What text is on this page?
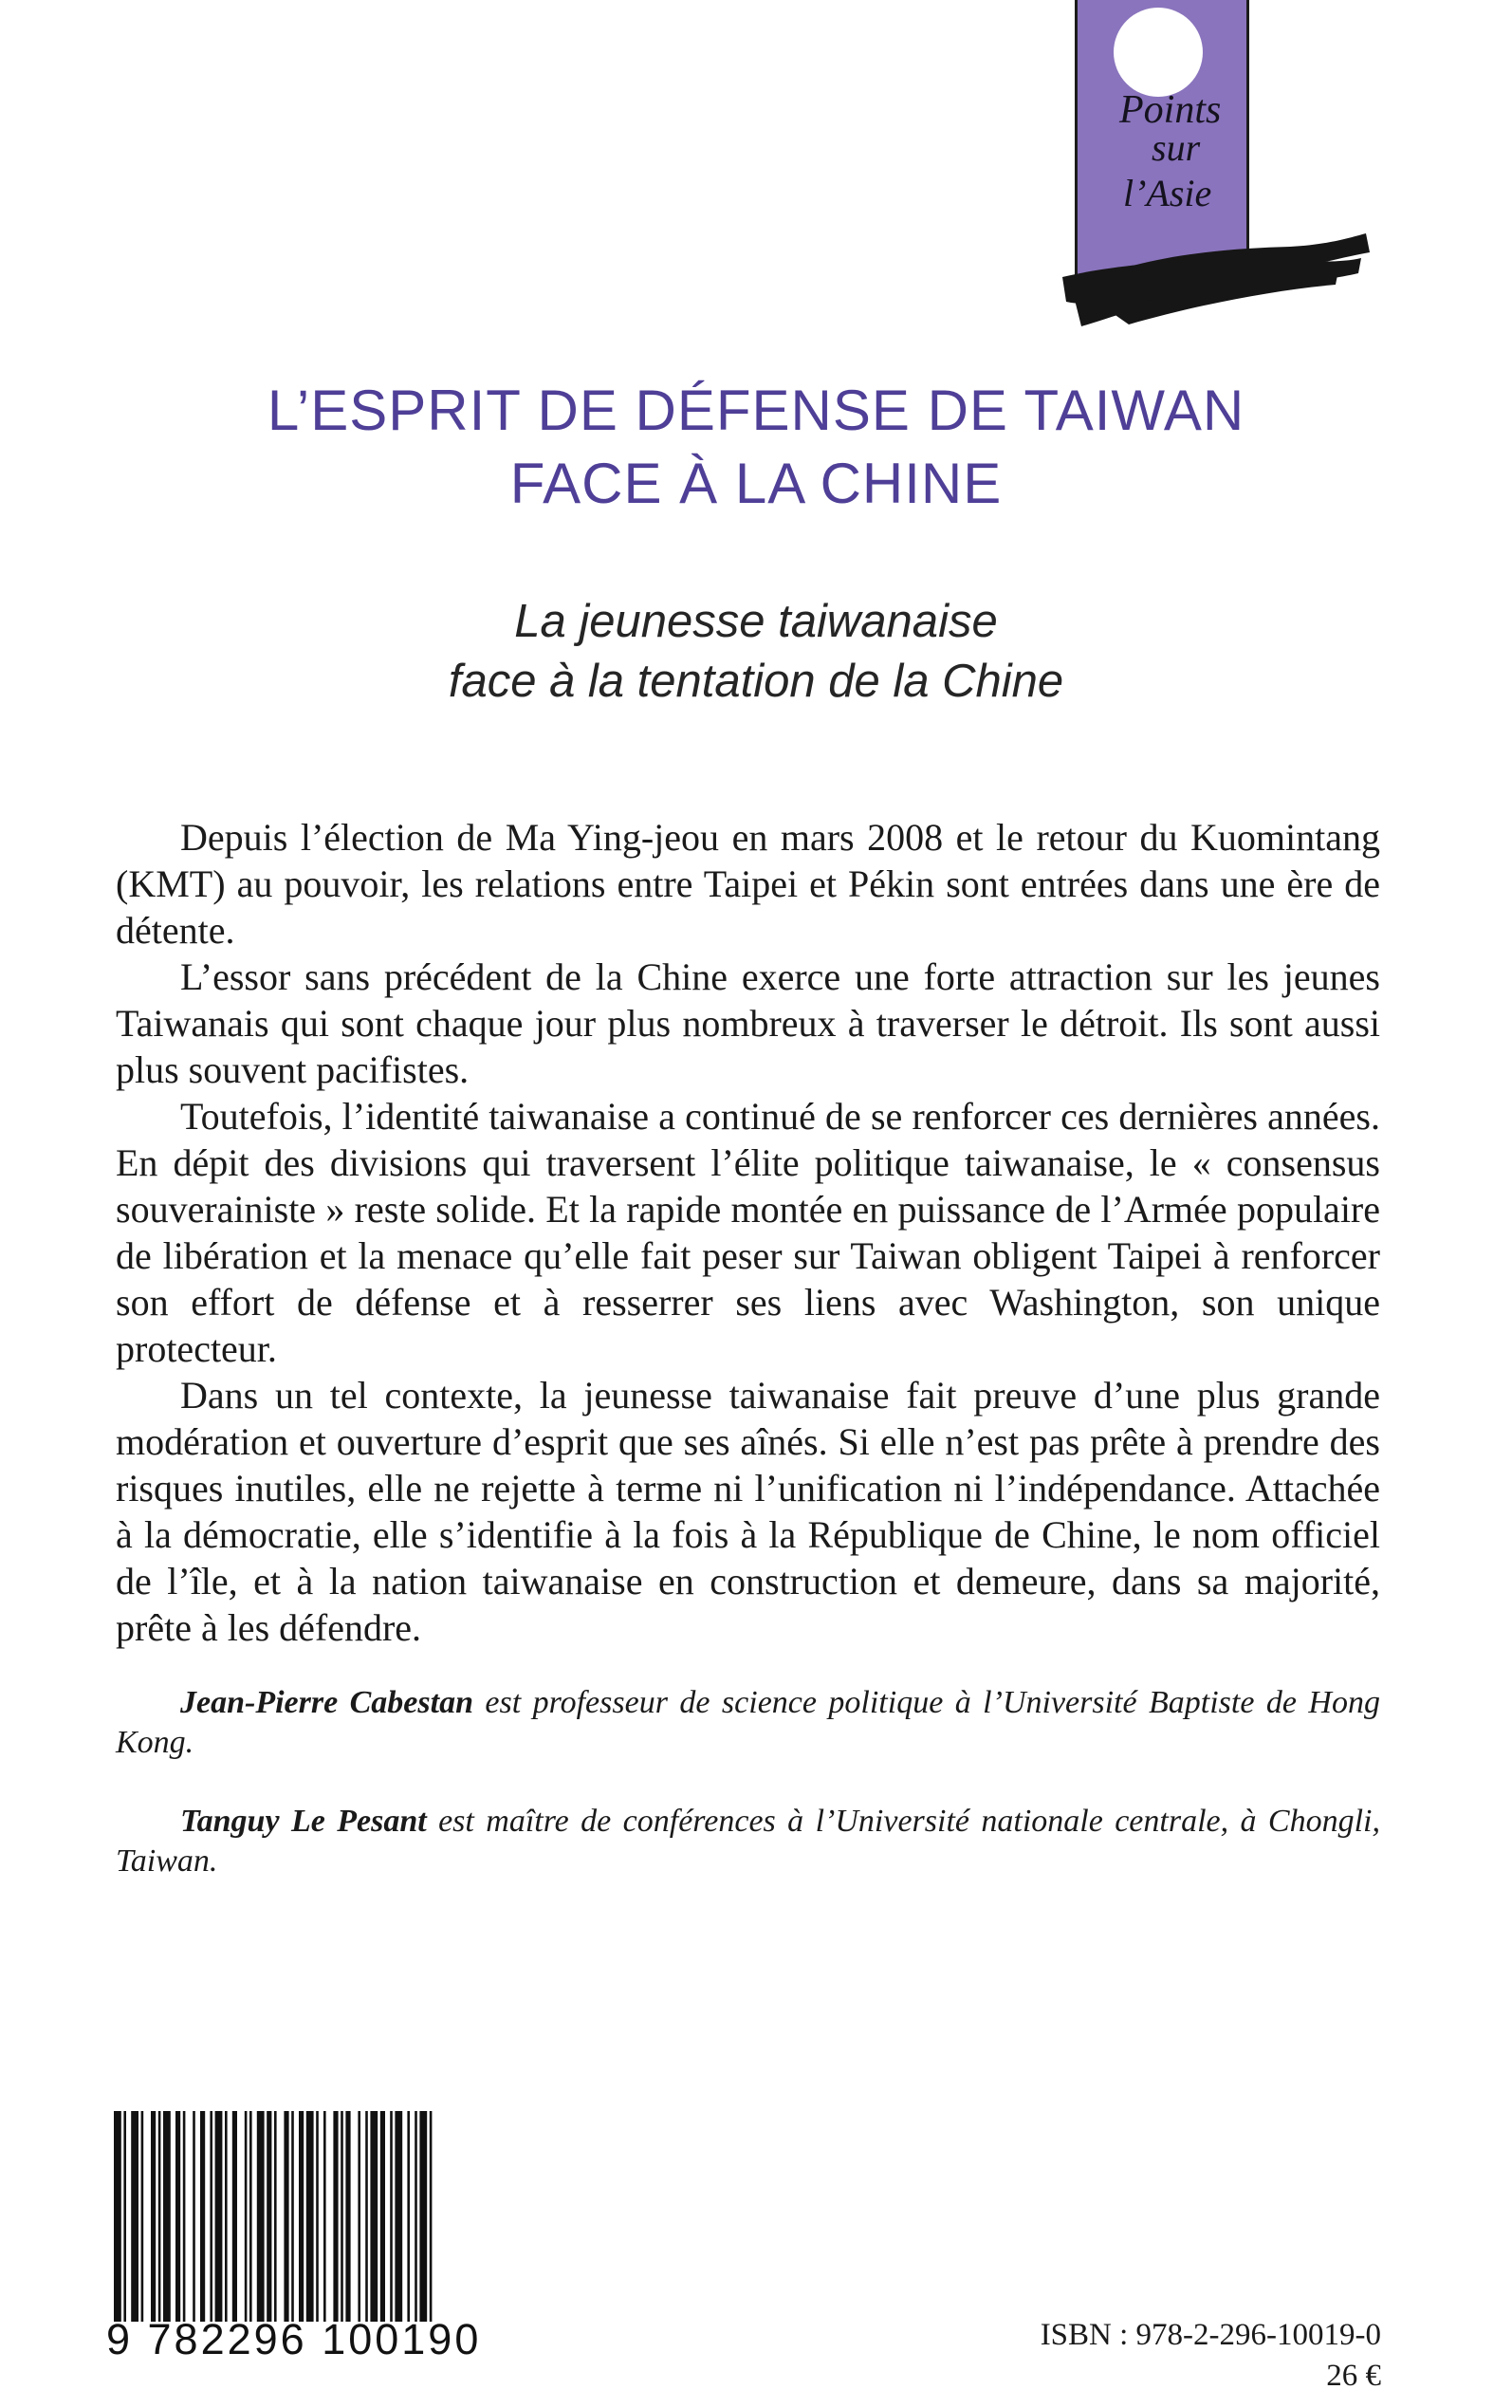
Points
sur
l’Asie
L’ESPRIT DE DÉFENSE DE TAIWAN
FACE À LA CHINE
La jeunesse taiwanaise
face à la tentation de la Chine

Depuis l’élection de Ma Ying-jeou en mars 2008 et le retour du Kuomintang (KMT) au pouvoir, les relations entre Taipei et Pékin sont entrées dans une ère de détente.

L’essor sans précédent de la Chine exerce une forte attraction sur les jeunes Taiwanais qui sont chaque jour plus nombreux à traverser le détroit. Ils sont aussi plus souvent pacifistes.

Toutefois, l’identité taiwanaise a continué de se renforcer ces dernières années. En dépit des divisions qui traversent l’élite politique taiwanaise, le « consensus souverainiste » reste solide. Et la rapide montée en puissance de l’Armée populaire de libération et la menace qu’elle fait peser sur Taiwan obligent Taipei à renforcer son effort de défense et à resserrer ses liens avec Washington, son unique protecteur.

Dans un tel contexte, la jeunesse taiwanaise fait preuve d’une plus grande modération et ouverture d’esprit que ses aînés. Si elle n’est pas prête à prendre des risques inutiles, elle ne rejette à terme ni l’unification ni l’indépendance. Attachée à la démocratie, elle s’identifie à la fois à la République de Chine, le nom officiel de l’île, et à la nation taiwanaise en construction et demeure, dans sa majorité, prête à les défendre.

Jean-Pierre Cabestan est professeur de science politique à l’Université Baptiste de Hong Kong.

Tanguy Le Pesant est maître de conférences à l’Université nationale centrale, à Chongli, Taiwan.

9 782296 100190	ISBN : 978-2-296-10019-0
26 €
